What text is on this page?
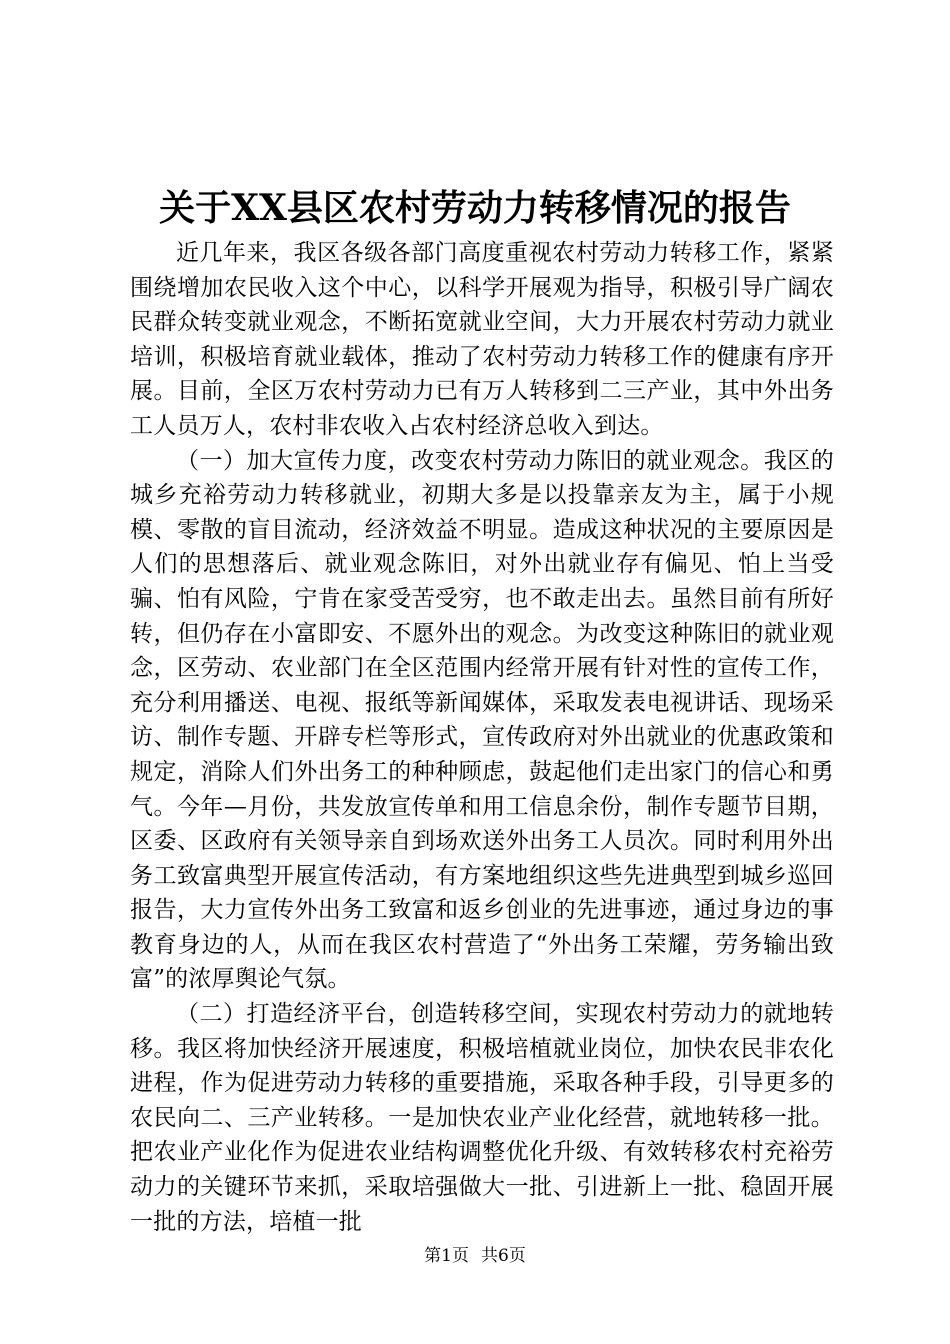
关于XX县区农村劳动力转移情况的报告

近几年来，我区各级各部门高度重视农村劳动力转移工作，紧紧围绕增加农民收入这个中心，以科学开展观为指导，积极引导广阔农民群众转变就业观念，不断拓宽就业空间，大力开展农村劳动力就业培训，积极培育就业载体，推动了农村劳动力转移工作的健康有序开展。目前，全区万农村劳动力已有万人转移到二三产业，其中外出务工人员万人，农村非农收入占农村经济总收入到达。

（一）加大宣传力度，改变农村劳动力陈旧的就业观念。我区的城乡充裕劳动力转移就业，初期大多是以投靠亲友为主，属于小规模、零散的盲目流动，经济效益不明显。造成这种状况的主要原因是人们的思想落后、就业观念陈旧，对外出就业存有偏见、怕上当受骗、怕有风险，宁肯在家受苦受穷，也不敢走出去。虽然目前有所好转，但仍存在小富即安、不愿外出的观念。为改变这种陈旧的就业观念，区劳动、农业部门在全区范围内经常开展有针对性的宣传工作，充分利用播送、电视、报纸等新闻媒体，采取发表电视讲话、现场采访、制作专题、开辟专栏等形式，宣传政府对外出就业的优惠政策和规定，消除人们外出务工的种种顾虑，鼓起他们走出家门的信心和勇气。今年—月份，共发放宣传单和用工信息余份，制作专题节目期，区委、区政府有关领导亲自到场欢送外出务工人员次。同时利用外出务工致富典型开展宣传活动，有方案地组织这些先进典型到城乡巡回报告，大力宣传外出务工致富和返乡创业的先进事迹，通过身边的事教育身边的人，从而在我区农村营造了“外出务工荣耀，劳务输出致富”的浓厚舆论气氛。

（二）打造经济平台，创造转移空间，实现农村劳动力的就地转移。我区将加快经济开展速度，积极培植就业岗位，加快农民非农化进程，作为促进劳动力转移的重要措施，采取各种手段，引导更多的农民向二、三产业转移。一是加快农业产业化经营，就地转移一批。把农业产业化作为促进农业结构调整优化升级、有效转移农村充裕劳动力的关键环节来抓，采取培强做大一批、引进新上一批、稳固开展一批的方法，培植一批

第1页 共6页
